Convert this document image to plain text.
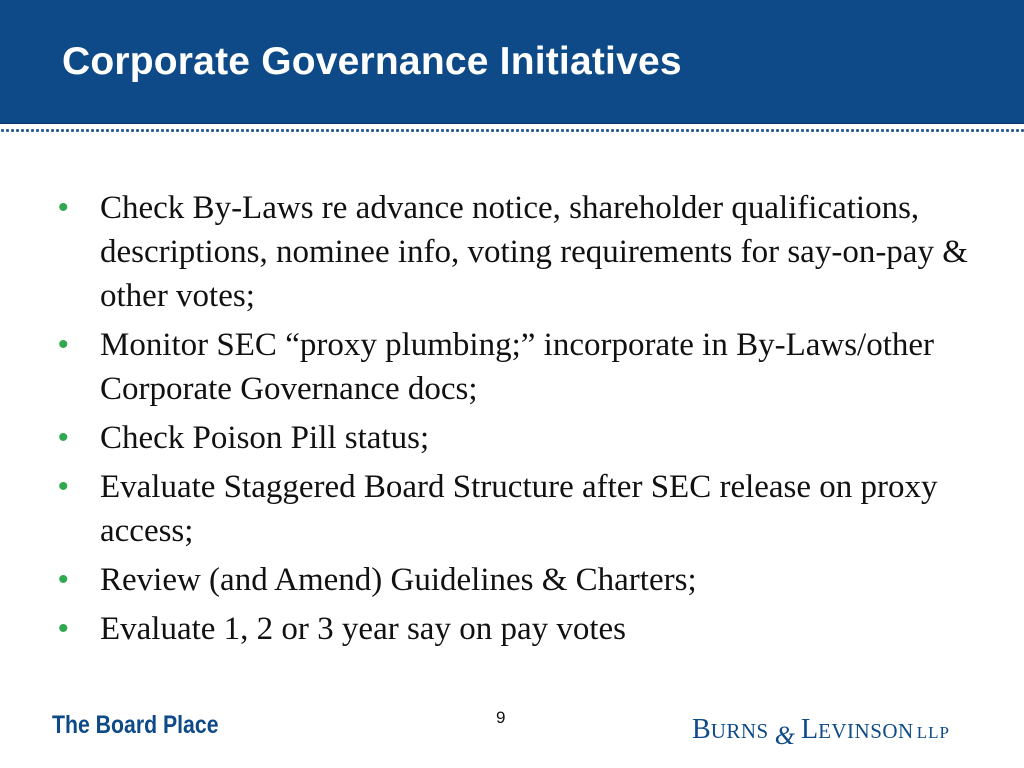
Corporate Governance Initiatives
• Check By-Laws re advance notice, shareholder qualifications, descriptions, nominee info, voting requirements for say-on-pay & other votes;
• Monitor SEC “proxy plumbing;” incorporate in By-Laws/other Corporate Governance docs;
• Check Poison Pill status;
• Evaluate Staggered Board Structure after SEC release on proxy access;
• Review (and Amend) Guidelines & Charters;
• Evaluate 1, 2 or 3 year say on pay votes
The Board Place	9	BURNS & LEVINSON LLP
